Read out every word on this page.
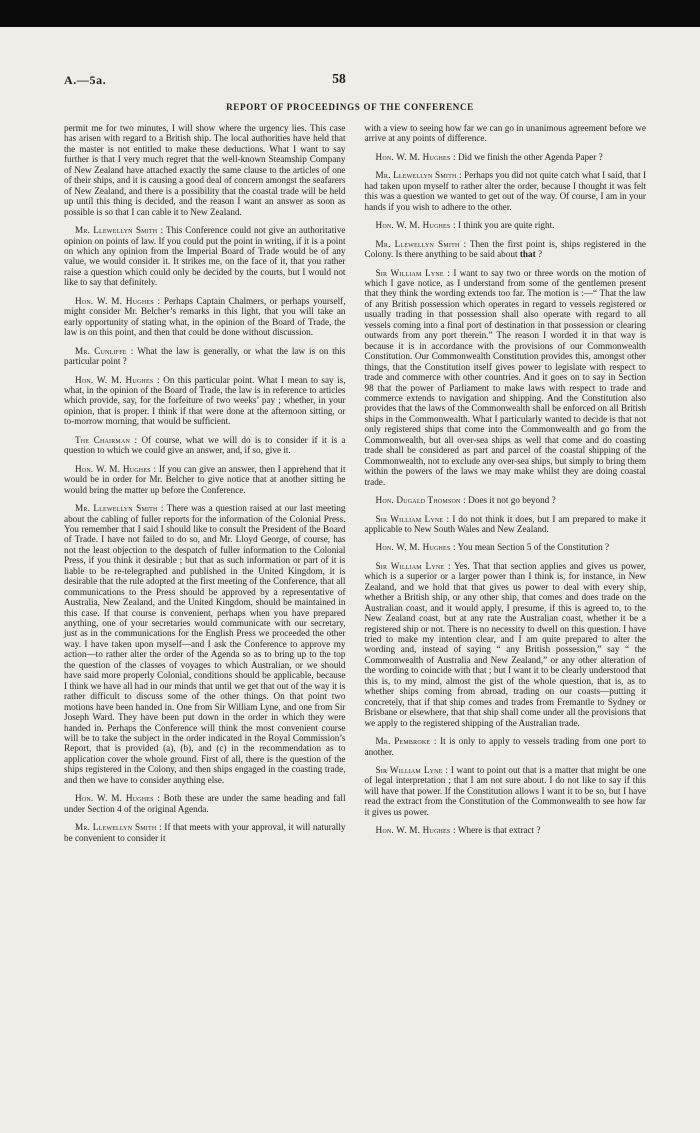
A.—5a.	58
REPORT OF PROCEEDINGS OF THE CONFERENCE

permit me for two minutes, I will show where the urgency lies. This case has arisen with regard to a British ship. The local authorities have held that the master is not entitled to make these deductions. What I want to say further is that I very much regret that the well-known Steamship Company of New Zealand have attached exactly the same clause to the articles of one of their ships, and it is causing a good deal of concern amongst the seafarers of New Zealand, and there is a possibility that the coastal trade will be held up until this thing is decided, and the reason I want an answer as soon as possible is so that I can cable it to New Zealand.

Mr. Llewellyn Smith : This Conference could not give an authoritative opinion on points of law. If you could put the point in writing, if it is a point on which any opinion from the Imperial Board of Trade would be of any value, we would consider it. It strikes me, on the face of it, that you rather raise a question which could only be decided by the courts, but I would not like to say that definitely.

Hon. W. M. Hughes : Perhaps Captain Chalmers, or perhaps yourself, might consider Mr. Belcher’s remarks in this light, that you will take an early opportunity of stating what, in the opinion of the Board of Trade, the law is on this point, and then that could be done without discussion.

Mr. Cunliffe : What the law is generally, or what the law is on this particular point ?

Hon. W. M. Hughes : On this particular point. What I mean to say is, what, in the opinion of the Board of Trade, the law is in reference to articles which provide, say, for the forfeiture of two weeks’ pay ; whether, in your opinion, that is proper. I think if that were done at the afternoon sitting, or to-morrow morning, that would be sufficient.

The Chairman : Of course, what we will do is to consider if it is a question to which we could give an answer, and, if so, give it.

Hon. W. M. Hughes : If you can give an answer, then I apprehend that it would be in order for Mr. Belcher to give notice that at another sitting he would bring the matter up before the Conference.

Mr. Llewellyn Smith : There was a question raised at our last meeting about the cabling of fuller reports for the information of the Colonial Press. You remember that I said I should like to consult the President of the Board of Trade. I have not failed to do so, and Mr. Lloyd George, of course, has not the least objection to the despatch of fuller information to the Colonial Press, if you think it desirable ; but that as such information or part of it is liable to be re-telegraphed and published in the United Kingdom, it is desirable that the rule adopted at the first meeting of the Conference, that all communications to the Press should be approved by a representative of Australia, New Zealand, and the United Kingdom, should be maintained in this case. If that course is convenient, perhaps when you have prepared anything, one of your secretaries would communicate with our secretary, just as in the communications for the English Press we proceeded the other way. I have taken upon myself—and I ask the Conference to approve my action—to rather alter the order of the Agenda so as to bring up to the top the question of the classes of voyages to which Australian, or we should have said more properly Colonial, conditions should be applicable, because I think we have all had in our minds that until we get that out of the way it is rather difficult to discuss some of the other things. On that point two motions have been handed in. One from Sir William Lyne, and one from Sir Joseph Ward. They have been put down in the order in which they were handed in. Perhaps the Conference will think the most convenient course will be to take the subject in the order indicated in the Royal Commission’s Report, that is provided (a), (b), and (c) in the recommendation as to application cover the whole ground. First of all, there is the question of the ships registered in the Colony, and then ships engaged in the coasting trade, and then we have to consider anything else.

Hon. W. M. Hughes : Both these are under the same heading and fall under Section 4 of the original Agenda.

Mr. Llewellyn Smith : If that meets with your approval, it will naturally be convenient to consider it

with a view to seeing how far we can go in unanimous agreement before we arrive at any points of difference.

Hon. W. M. Hughes : Did we finish the other Agenda Paper ?

Mr. Llewellyn Smith : Perhaps you did not quite catch what I said, that I had taken upon myself to rather alter the order, because I thought it was felt this was a question we wanted to get out of the way. Of course, I am in your hands if you wish to adhere to the other.

Hon. W. M. Hughes : I think you are quite right.

Mr. Llewellyn Smith : Then the first point is, ships registered in the Colony. Is there anything to be said about that ?

Sir William Lyne : I want to say two or three words on the motion of which I gave notice, as I understand from some of the gentlemen present that they think the wording extends too far. The motion is :—“ That the law of any British possession which operates in regard to vessels registered or usually trading in that possession shall also operate with regard to all vessels coming into a final port of destination in that possession or clearing outwards from any port therein.” The reason I worded it in that way is because it is in accordance with the provisions of our Commonwealth Constitution. Our Commonwealth Constitution provides this, amongst other things, that the Constitution itself gives power to legislate with respect to trade and commerce with other countries. And it goes on to say in Section 98 that the power of Parliament to make laws with respect to trade and commerce extends to navigation and shipping. And the Constitution also provides that the laws of the Commonwealth shall be enforced on all British ships in the Commonwealth. What I particularly wanted to decide is that not only registered ships that come into the Commonwealth and go from the Commonwealth, but all over-sea ships as well that come and do coasting trade shall be considered as part and parcel of the coastal shipping of the Commonwealth, not to exclude any over-sea ships, but simply to bring them within the powers of the laws we may make whilst they are doing coastal trade.

Hon. Dugald Thomson : Does it not go beyond ?

Sir William Lyne : I do not think it does, but I am prepared to make it applicable to New South Wales and New Zealand.

Hon. W. M. Hughes : You mean Section 5 of the Constitution ?

Sir William Lyne : Yes. That that section applies and gives us power, which is a superior or a larger power than I think is, for instance, in New Zealand, and we hold that that gives us power to deal with every ship, whether a British ship, or any other ship, that comes and does trade on the Australian coast, and it would apply, I presume, if this is agreed to, to the New Zealand coast, but at any rate the Australian coast, whether it be a registered ship or not. There is no necessity to dwell on this question. I have tried to make my intention clear, and I am quite prepared to alter the wording and, instead of saying “ any British possession,” say “ the Commonwealth of Australia and New Zealand,” or any other alteration of the wording to coincide with that ; but I want it to be clearly understood that this is, to my mind, almost the gist of the whole question, that is, as to whether ships coming from abroad, trading on our coasts—putting it concretely, that if that ship comes and trades from Fremantle to Sydney or Brisbane or elsewhere, that that ship shall come under all the provisions that we apply to the registered shipping of the Australian trade.

Mr. Pembroke : It is only to apply to vessels trading from one port to another.

Sir William Lyne : I want to point out that is a matter that might be one of legal interpretation ; that I am not sure about. I do not like to say if this will have that power. If the Constitution allows I want it to be so, but I have read the extract from the Constitution of the Commonwealth to see how far it gives us power.

Hon. W. M. Hughes : Where is that extract ?
